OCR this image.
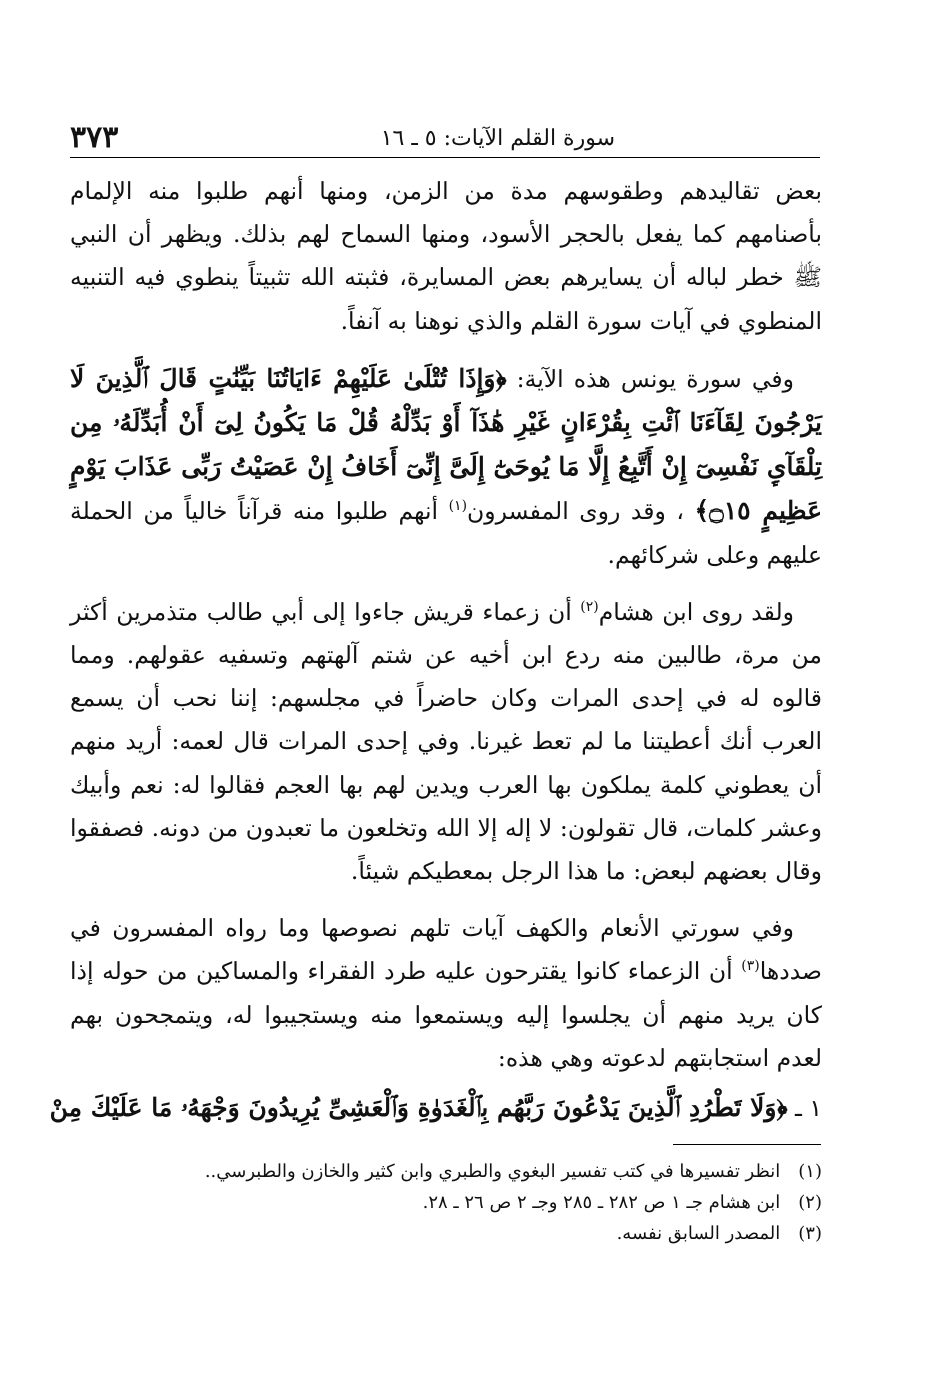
سورة القلم الآيات: ٥ ـ ١٦
٣٧٣

بعض تقاليدهم وطقوسهم مدة من الزمن، ومنها أنهم طلبوا منه الإلمام بأصنامهم كما يفعل بالحجر الأسود، ومنها السماح لهم بذلك. ويظهر أن النبي ﷺ خطر لباله أن يسايرهم بعض المسايرة، فثبته الله تثبيتاً ينطوي فيه التنبيه المنطوي في آيات سورة القلم والذي نوهنا به آنفاً.

وفي سورة يونس هذه الآية: ﴿وَإِذَا تُتْلَىٰ عَلَيْهِمْ ءَايَاتُنَا بَيِّنَٰتٍ قَالَ ٱلَّذِينَ لَا يَرْجُونَ لِقَآءَنَا ٱئْتِ بِقُرْءَانٍ غَيْرِ هَٰذَآ أَوْ بَدِّلْهُ قُلْ مَا يَكُونُ لِىٓ أَنْ أُبَدِّلَهُۥ مِن تِلْقَآىِٕ نَفْسِىٓ إِنْ أَتَّبِعُ إِلَّا مَا يُوحَىٰٓ إِلَىَّ إِنِّىٓ أَخَافُ إِنْ عَصَيْتُ رَبِّى عَذَابَ يَوْمٍ عَظِيمٍ ۝١٥﴾ ، وقد روى المفسرون$^{(١)}$ أنهم طلبوا منه قرآناً خالياً من الحملة عليهم وعلى شركائهم.

ولقد روى ابن هشام$^{(٢)}$ أن زعماء قريش جاءوا إلى أبي طالب متذمرين أكثر من مرة، طالبين منه ردع ابن أخيه عن شتم آلهتهم وتسفيه عقولهم. ومما قالوه له في إحدى المرات وكان حاضراً في مجلسهم: إننا نحب أن يسمع العرب أنك أعطيتنا ما لم تعط غيرنا. وفي إحدى المرات قال لعمه: أريد منهم أن يعطوني كلمة يملكون بها العرب ويدين لهم بها العجم فقالوا له: نعم وأبيك وعشر كلمات، قال تقولون: لا إله إلا الله وتخلعون ما تعبدون من دونه. فصفقوا وقال بعضهم لبعض: ما هذا الرجل بمعطيكم شيئاً.

وفي سورتي الأنعام والكهف آيات تلهم نصوصها وما رواه المفسرون في صددها$^{(٣)}$ أن الزعماء كانوا يقترحون عليه طرد الفقراء والمساكين من حوله إذا كان يريد منهم أن يجلسوا إليه ويستمعوا منه ويستجيبوا له، ويتمجحون بهم لعدم استجابتهم لدعوته وهي هذه:

١ ـ ﴿وَلَا تَطْرُدِ ٱلَّذِينَ يَدْعُونَ رَبَّهُم بِٱلْغَدَوٰةِ وَٱلْعَشِىِّ يُرِيدُونَ وَجْهَهُۥ مَا عَلَيْكَ مِنْ

(١) انظر تفسيرها في كتب تفسير البغوي والطبري وابن كثير والخازن والطبرسي..
(٢) ابن هشام جـ ١ ص ٢٨٢ ـ ٢٨٥ وجـ ٢ ص ٢٦ ـ ٢٨.
(٣) المصدر السابق نفسه.
